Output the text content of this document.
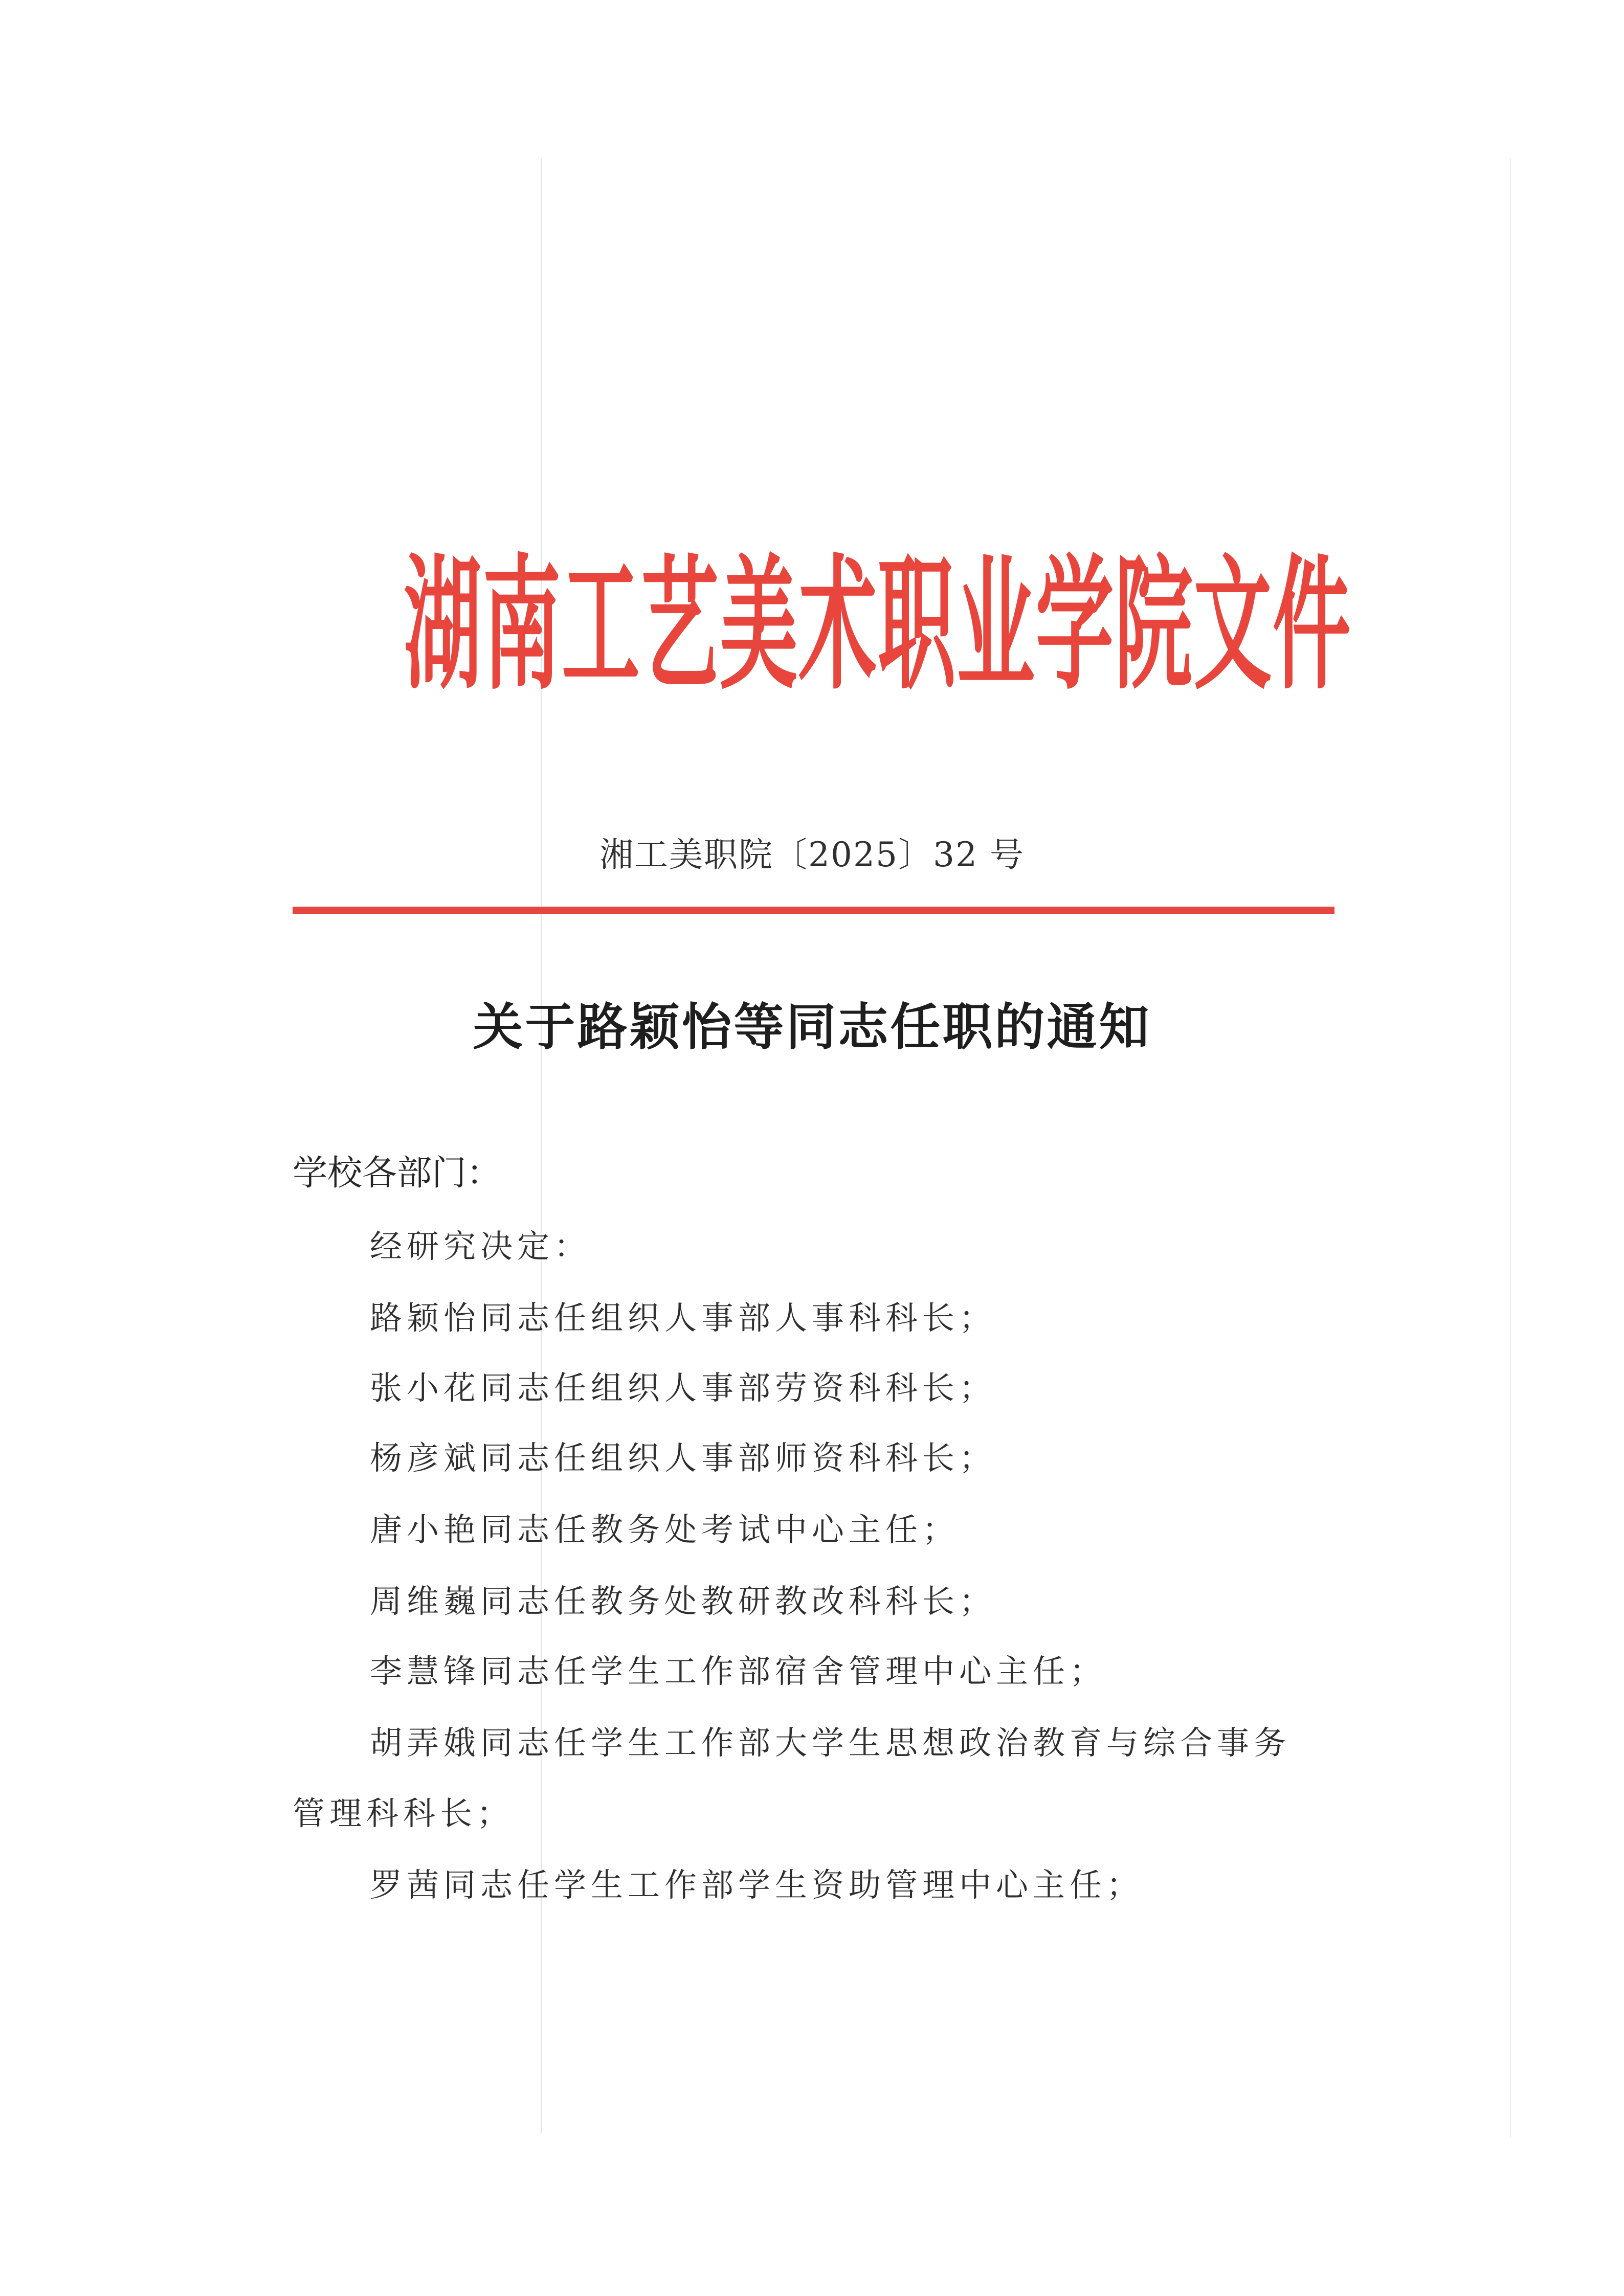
湖南工艺美术职业学院文件
湘工美职院〔2025〕32 号
关于路颖怡等同志任职的通知
学校各部门：
经研究决定：
路颖怡同志任组织人事部人事科科长；
张小花同志任组织人事部劳资科科长；
杨彦斌同志任组织人事部师资科科长；
唐小艳同志任教务处考试中心主任；
周维巍同志任教务处教研教改科科长；
李慧锋同志任学生工作部宿舍管理中心主任；
胡弄娥同志任学生工作部大学生思想政治教育与综合事务
管理科科长；
罗茜同志任学生工作部学生资助管理中心主任；
